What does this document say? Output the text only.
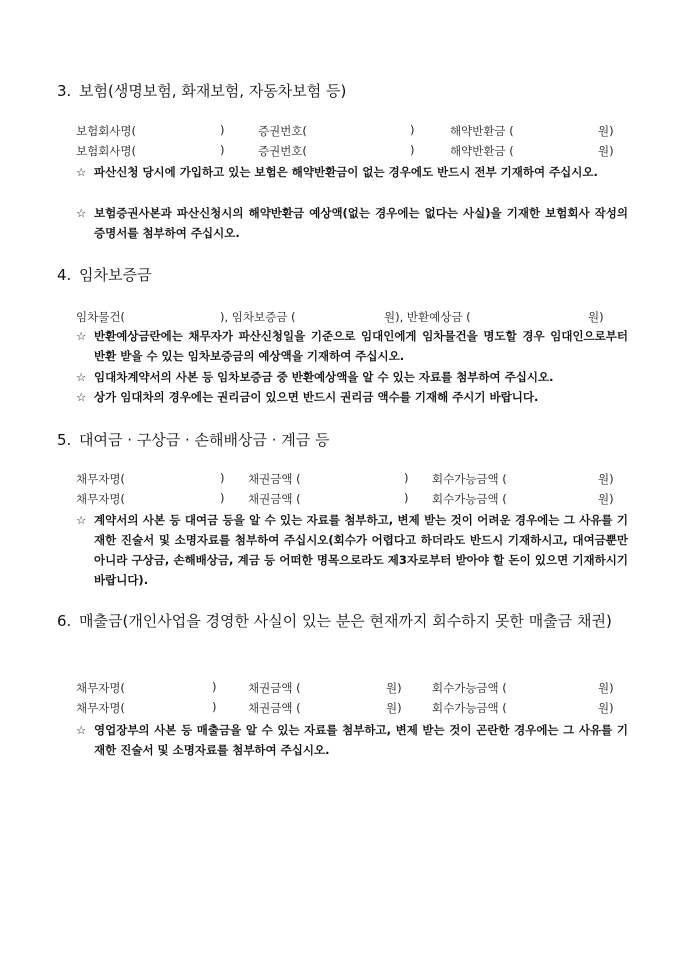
3. 보험(생명보험, 화재보험, 자동차보험 등)
보험회사명(	)	증권번호(	)	해약반환금 (	원)
보험회사명(	)	증권번호(	)	해약반환금 (	원)
☆ 파산신청 당시에 가입하고 있는 보험은 해약반환금이 없는 경우에도 반드시 전부 기재하여 주십시오.
☆ 보험증권사본과 파산신청시의 해약반환금 예상액(없는 경우에는 없다는 사실)을 기재한 보험회사 작성의 증명서를 첨부하여 주십시오.
4. 임차보증금
임차물건(	), 임차보증금 (	원), 반환예상금 (	원)
☆ 반환예상금란에는 채무자가 파산신청일을 기준으로 임대인에게 임차물건을 명도할 경우 임대인으로부터 반환 받을 수 있는 임차보증금의 예상액을 기재하여 주십시오.
☆ 임대차계약서의 사본 등 임차보증금 중 반환예상액을 알 수 있는 자료를 첨부하여 주십시오.
☆ 상가 임대차의 경우에는 권리금이 있으면 반드시 권리금 액수를 기재해 주시기 바랍니다.
5. 대여금 · 구상금 · 손해배상금 · 계금 등
채무자명(	) 채권금액 (	) 회수가능금액 (	원)
채무자명(	) 채권금액 (	) 회수가능금액 (	원)
☆ 계약서의 사본 등 대여금 등을 알 수 있는 자료를 첨부하고, 변제 받는 것이 어려운 경우에는 그 사유를 기재한 진술서 및 소명자료를 첨부하여 주십시오(회수가 어렵다고 하더라도 반드시 기재하시고, 대여금뿐만 아니라 구상금, 손해배상금, 계금 등 어떠한 명목으로라도 제3자로부터 받아야 할 돈이 있으면 기재하시기 바랍니다).
6. 매출금(개인사업을 경영한 사실이 있는 분은 현재까지 회수하지 못한 매출금 채권)
채무자명(	)	채권금액 (	원)	회수가능금액 (	원)
채무자명(	)	채권금액 (	원)	회수가능금액 (	원)
☆ 영업장부의 사본 등 매출금을 알 수 있는 자료를 첨부하고, 변제 받는 것이 곤란한 경우에는 그 사유를 기재한 진술서 및 소명자료를 첨부하여 주십시오.
